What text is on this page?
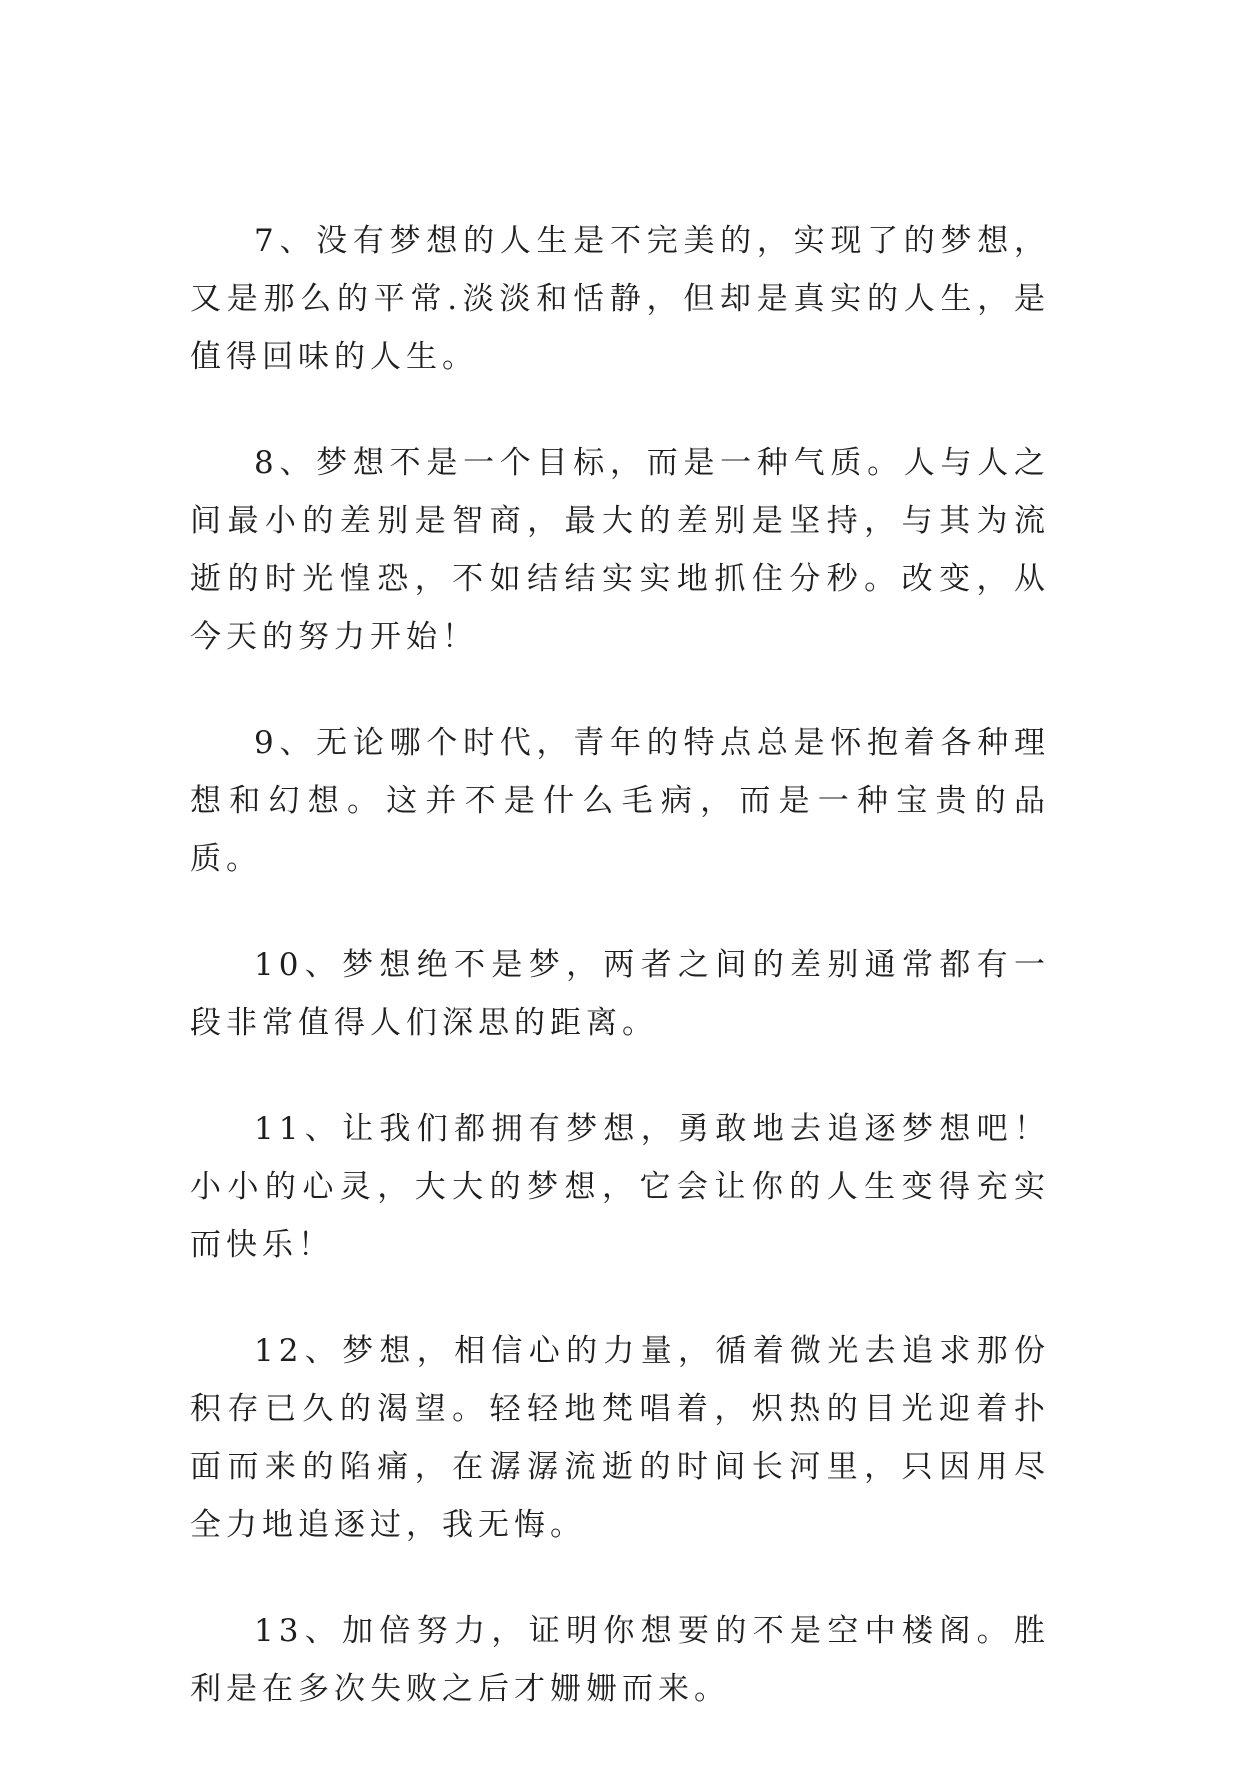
7、没有梦想的人生是不完美的，实现了的梦想，又是那么的平常.淡淡和恬静，但却是真实的人生，是值得回味的人生。

8、梦想不是一个目标，而是一种气质。人与人之间最小的差别是智商，最大的差别是坚持，与其为流逝的时光惶恐，不如结结实实地抓住分秒。改变，从今天的努力开始！

9、无论哪个时代，青年的特点总是怀抱着各种理想和幻想。这并不是什么毛病，而是一种宝贵的品质。

10、梦想绝不是梦，两者之间的差别通常都有一段非常值得人们深思的距离。

11、让我们都拥有梦想，勇敢地去追逐梦想吧！小小的心灵，大大的梦想，它会让你的人生变得充实而快乐！

12、梦想，相信心的力量，循着微光去追求那份积存已久的渴望。轻轻地梵唱着，炽热的目光迎着扑面而来的陷痛，在潺潺流逝的时间长河里，只因用尽全力地追逐过，我无悔。

13、加倍努力，证明你想要的不是空中楼阁。胜利是在多次失败之后才姗姗而来。
